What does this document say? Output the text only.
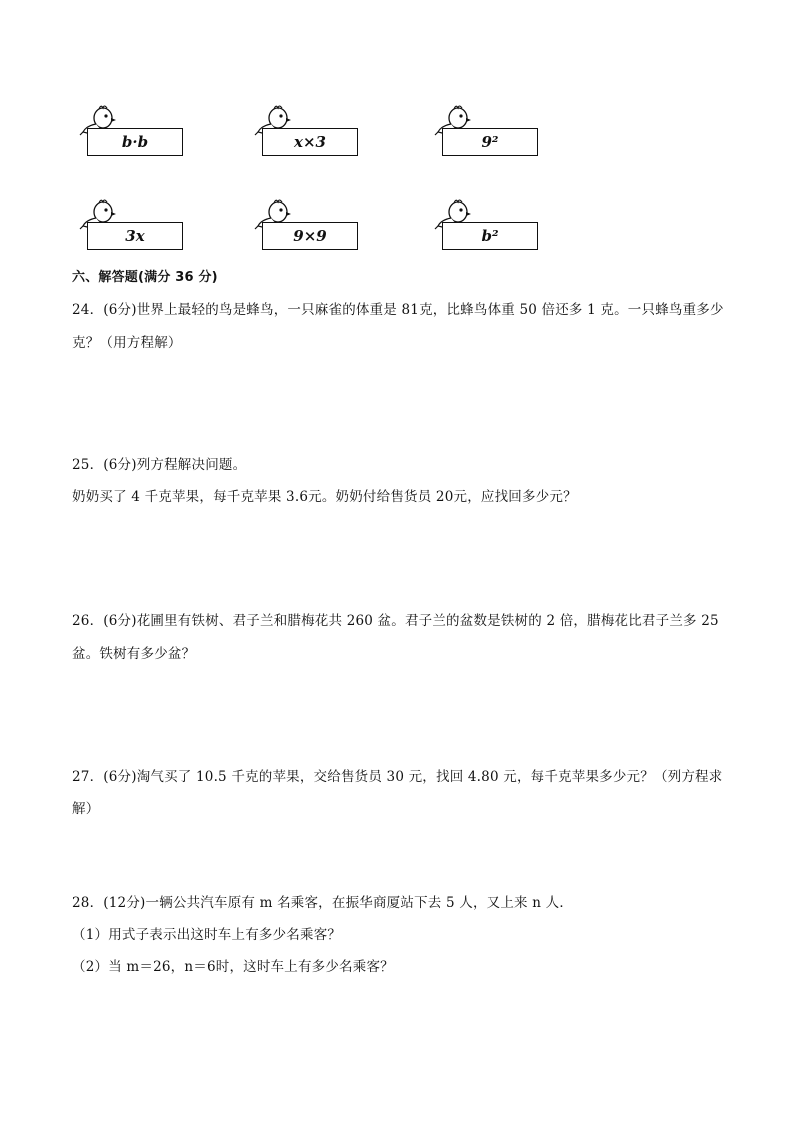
b·b	x×3	9²
3x	9×9	b²
六、解答题(满分 36 分)
24．(6分)世界上最轻的鸟是蜂鸟，一只麻雀的体重是 81克，比蜂鸟体重 50 倍还多 1 克。一只蜂鸟重多少
克？（用方程解）
25．(6分)列方程解决问题。
奶奶买了 4 千克苹果，每千克苹果 3.6元。奶奶付给售货员 20元，应找回多少元？
26．(6分)花圃里有铁树、君子兰和腊梅花共 260 盆。君子兰的盆数是铁树的 2 倍，腊梅花比君子兰多 25
盆。铁树有多少盆？
27．(6分)淘气买了 10.5 千克的苹果，交给售货员 30 元，找回 4.80 元，每千克苹果多少元？（列方程求
解）
28．(12分)一辆公共汽车原有 m 名乘客，在振华商厦站下去 5 人，又上来 n 人．
（1）用式子表示出这时车上有多少名乘客？
（2）当 m＝26，n＝6时，这时车上有多少名乘客？
